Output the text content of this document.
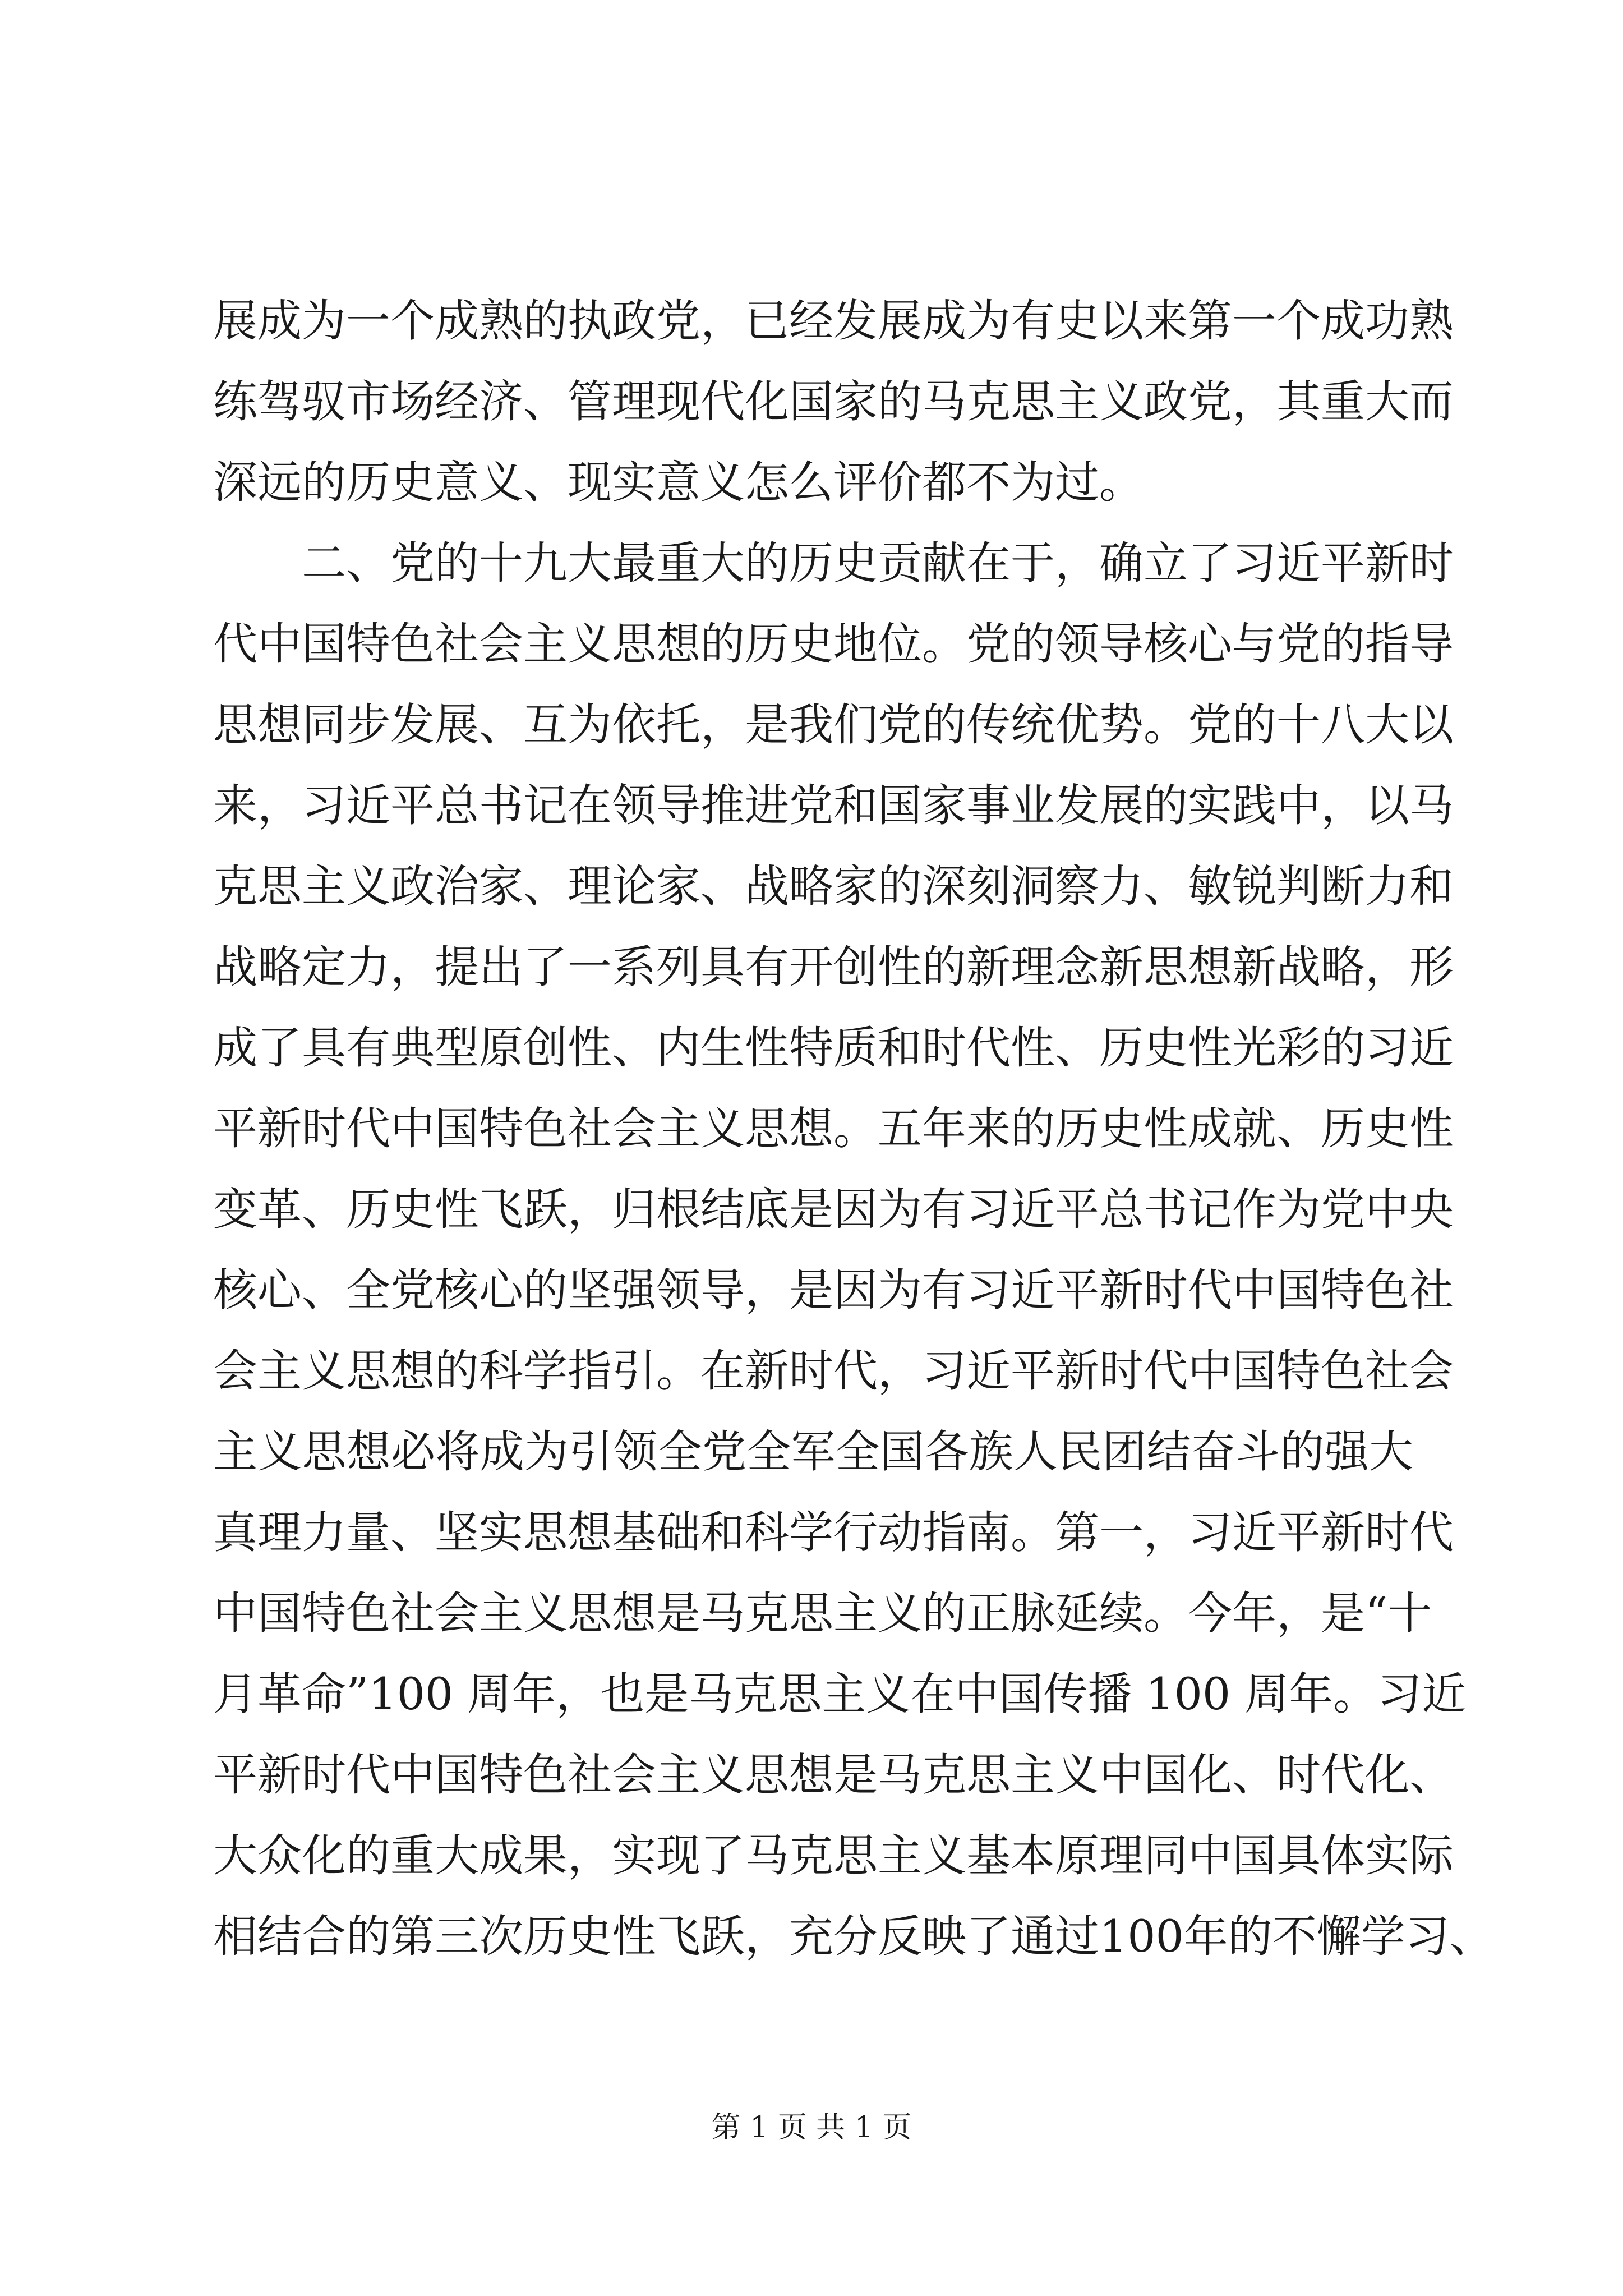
展成为一个成熟的执政党，已经发展成为有史以来第一个成功熟
练驾驭市场经济、管理现代化国家的马克思主义政党，其重大而
深远的历史意义、现实意义怎么评价都不为过。
　　二、党的十九大最重大的历史贡献在于，确立了习近平新时
代中国特色社会主义思想的历史地位。党的领导核心与党的指导
思想同步发展、互为依托，是我们党的传统优势。党的十八大以
来，习近平总书记在领导推进党和国家事业发展的实践中，以马
克思主义政治家、理论家、战略家的深刻洞察力、敏锐判断力和
战略定力，提出了一系列具有开创性的新理念新思想新战略，形
成了具有典型原创性、内生性特质和时代性、历史性光彩的习近
平新时代中国特色社会主义思想。五年来的历史性成就、历史性
变革、历史性飞跃，归根结底是因为有习近平总书记作为党中央
核心、全党核心的坚强领导，是因为有习近平新时代中国特色社
会主义思想的科学指引。在新时代，习近平新时代中国特色社会
主义思想必将成为引领全党全军全国各族人民团结奋斗的强大
真理力量、坚实思想基础和科学行动指南。第一，习近平新时代
中国特色社会主义思想是马克思主义的正脉延续。今年，是“十
月革命”100 周年，也是马克思主义在中国传播 100 周年。习近
平新时代中国特色社会主义思想是马克思主义中国化、时代化、
大众化的重大成果，实现了马克思主义基本原理同中国具体实际
相结合的第三次历史性飞跃，充分反映了通过100年的不懈学习、
第 1 页 共 1 页
